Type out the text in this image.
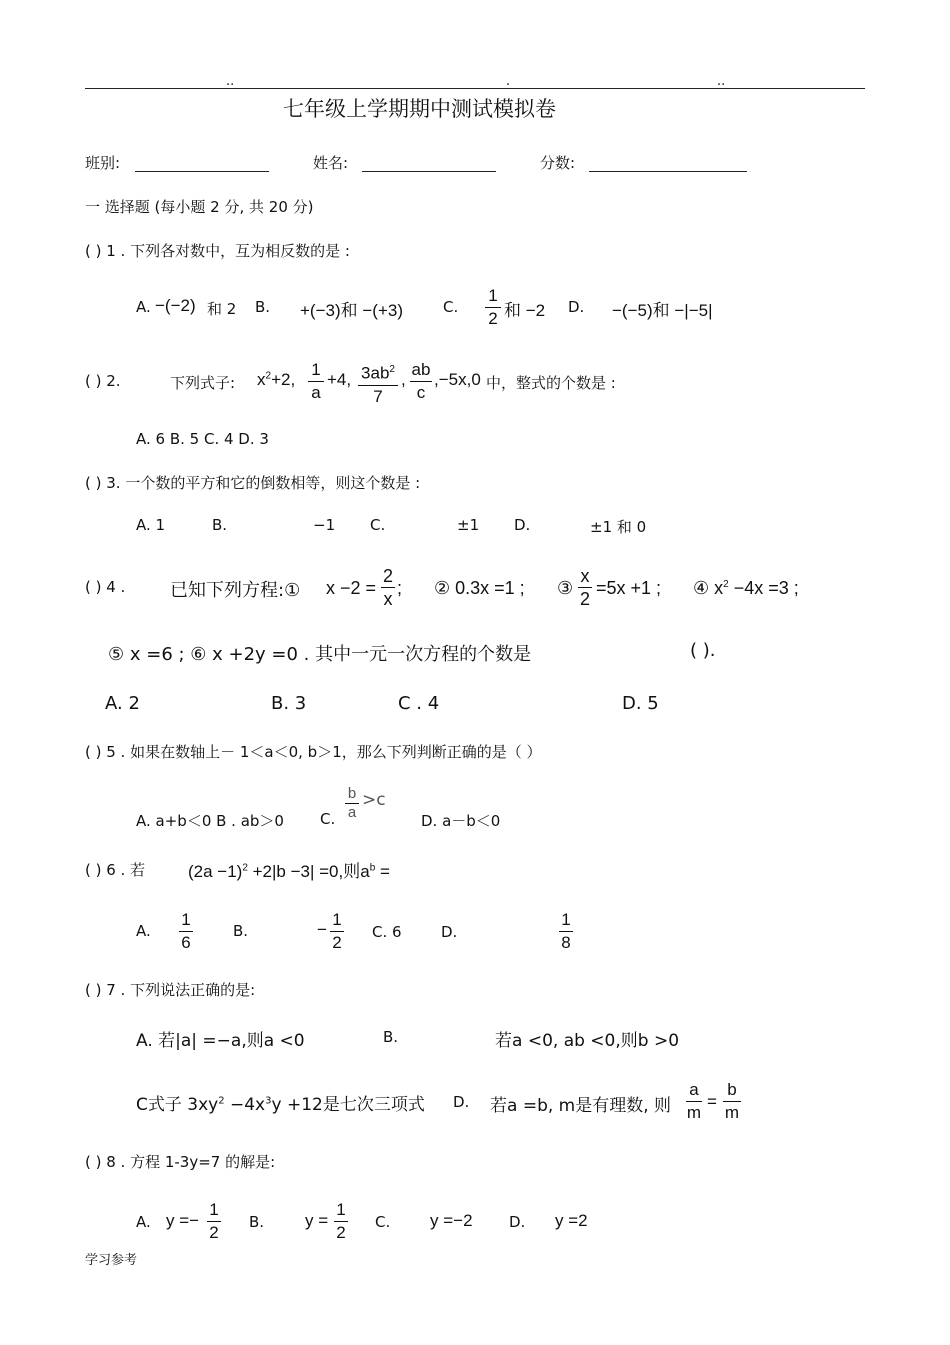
..	.	..
七年级上学期期中测试模拟卷
班别:	姓名:	分数:
一 选择题 (每小题 2 分, 共 20 分)
( ) 1 . 下列各对数中，互为相反数的是 :
A. −(−2) 和 2 B. +(−3)和 −(+3)	C.
1
2 和 −2 D. −(−5)和 −|−5|
( ) 2.	下列式子: $x^2+2$,
1
a
+4, $3ab^2$
7
,
ab
c
,−5x,0 中，整式的个数是 :
A. 6 B. 5 C. 4 D. 3
( ) 3. 一个数的平方和它的倒数相等，则这个数是 :
A. 1	B.	−1 C.	±1 D.	±1 和 0
( ) 4 . 已知下列方程:① x −2 =
2
x
; ② 0.3x =1 ; ③
x
2
=5x +1 ; ④ $x^2 -4x =3$ ;
⑤ x =6 ; ⑥ x +2y =0 . 其中一元一次方程的个数是	( ).
A. 2	B. 3	C . 4	D. 5
( ) 5 . 如果在数轴上－ 1＜a＜0, b＞1，那么下列判断正确的是（ ）
A. a+b＜0 B . ab＞0 C.
b
a
>c
D. a－b＜0
( ) 6 . 若	$(2a -1)^2 +2|b -3| =0$,则$a^b$ =
A.
1
6
B.	−
1
2
C. 6	D.
1
8
( ) 7 . 下列说法正确的是:
A. 若|a| =−a,则a <0	B.	若a <0, ab <0,则b >0
C式子 $3xy^2 -4x^3y +12$是七次三项式 D. 若a =b, m是有理数, 则
a
m
=
b
m
( ) 8 . 方程 1-3y=7 的解是:
A. y =−
1
2
B. y =
1
2
C. y =−2 D. y =2
学习参考
